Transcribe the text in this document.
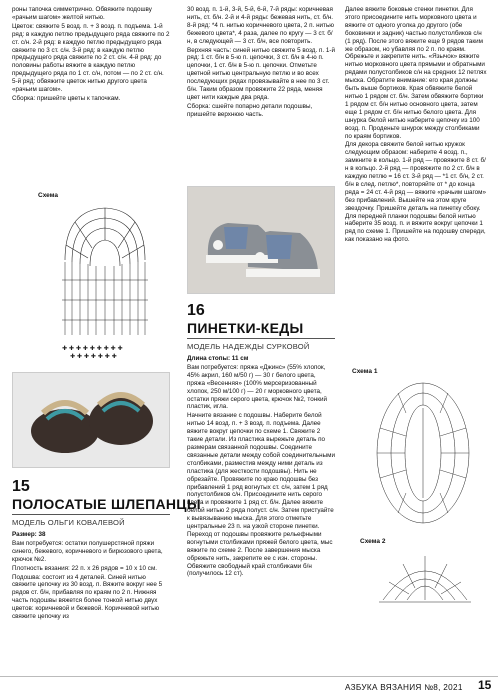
роны тапочка симметрично. Обвяжите подошву «рачьим шагом» желтой нитью.

Цветок: свяжите 5 возд. п. + 3 возд. п. подъема. 1-й ряд: в каждую петлю предыдущего ряда свяжите по 2 ст. с/н. 2-й ряд: в каждую петлю предыдущего ряда свяжите по 3 ст. с/н. 3-й ряд: в каждую петлю предыдущего ряда свяжите по 2 ст. с/н. 4-й ряд: до половины работы вяжите в каждую петлю предыдущего ряда по 1 ст. с/н, потом — по 2 ст. с/н. 5-й ряд: обвяжите цветок нитью другого цвета «рачьим шагом».

Сборка: пришейте цветы к тапочкам.

Схема
✚ ✚ ✚ ✚ ✚ ✚ ✚ ✚ ✚
✚ ✚ ✚ ✚ ✚ ✚ ✚
15
ПОЛОСАТЫЕ ШЛЕПАНЦЫ
МОДЕЛЬ ОЛЬГИ КОВАЛЕВОЙ

Размер: 38

Вам потребуется: остатки полушерстяной пряжи синего, бежевого, коричневого и бирюзового цвета, крючок №2.

Плотность вязания: 22 п. х 26 рядов = 10 х 10 см.

Подошва: состоит из 4 деталей. Синей нитью свяжите цепочку из 30 возд. п. Вяжите вокруг нее 5 рядов ст. б/н, прибавляя по краям по 2 п. Нижняя часть подошвы вяжется более тонкой нитью двух цветов: коричневой и бежевой. Коричневой нитью свяжите цепочку из

30 возд. п. 1-й, 3-й, 5-й, 6-й, 7-й ряды: коричневая нить, ст. б/н. 2-й и 4-й ряды: бежевая нить, ст. б/н. 8-й ряд: *4 п. нитью коричневого цвета, 2 п. нитью бежевого цвета*, 4 раза, далее по кругу — 3 ст. б/н, в следующей — 3 ст. б/н, все повторить.

Верхняя часть: синей нитью свяжите 5 возд. п. 1-й ряд: 1 ст. б/н в 5-ю п. цепочки, 3 ст. б/н в 4-ю п. цепочки, 1 ст. б/н в 5-ю п. цепочки. Отметьте цветной нитью центральную петлю и во всех последующих рядах провязывайте в нее по 3 ст. б/н. Таким образом провяжите 22 ряда, меняя цвет нити каждые два ряда.

Сборка: сшейте попарно детали подошвы, пришейте верхнюю часть.

16
ПИНЕТКИ-КЕДЫ
МОДЕЛЬ НАДЕЖДЫ СУРКОВОЙ

Длина стопы: 11 см

Вам потребуется: пряжа «Джинс» (55% хлопок, 45% акрил, 160 м/50 г) — 30 г белого цвета, пряжа «Весенняя» (100% мерсеризованный хлопок, 250 м/100 г) — 20 г морковного цвета, остатки пряжи серого цвета, крючок №2, тонкий пластик, игла.

Начните вязание с подошвы. Наберите белой нитью 14 возд. п. + 3 возд. п. подъема. Далее вяжите вокруг цепочки по схеме 1. Свяжите 2 такие детали. Из пластика вырежьте деталь по размерам связанной подошвы. Соедините связанные детали между собой соединительными столбиками, разместив между ними деталь из пластика (для жесткости подошвы). Нить не обрезайте. Провяжите по краю подошвы без прибавлений 1 ряд вогнутых ст. с/н, затем 1 ряд полустолбиков с/н. Присоедините нить серого цвета и провяжите 1 ряд ст. б/н. Далее вяжите белой нитью 2 ряда полуст. с/н. Затем пристуайте к вывязыванию мыска. Для этого отметьте центральные 23 п. на узкой стороне пинетки. Переход от подошвы провяжите рельефными вогнутыми столбиками пряжей белого цвета, мыс вяжите по схеме 2. После завершения мыска обрежьте нить, закрепите ее с изн. стороны. Обвяжите свободный край столбиками б/н (получилось 12 ст).

Далее вяжите боковые стенки пинетки. Для этого присоедините нить морковного цвета и вяжите от одного уголка до другого (обе боковинки и задник) частью полустолбиков с/н (1 ряд). После этого вяжите еще 9 рядов таким же образом, но убавляя по 2 п. по краям. Обрежьте и закрепите нить. «Язычок» вяжите нитью морковного цвета прямыми и обратными рядами полустолбиков с/н на средних 12 петлях мыска. Обратите внимание: его края должны быть выше бортиков. Края обвяжите белой нитью 1 рядом ст. б/н. Затем обвяжите бортики 1 рядом ст. б/н нитью основного цвета, затем еще 1 рядом ст. б/н нитью белого цвета. Для шнурка белой нитью наберите цепочку из 100 возд. п. Проденьте шнурок между столбиками по краям бортиков.

Для декора свяжите белой нитью кружок следующим образом: наберите 4 возд. п., замкните в кольцо. 1-й ряд — провяжите 8 ст. б/н в кольцо. 2-й ряд — провяжите по 2 ст. б/н в каждую петлю = 16 ст. 3-й ряд — *1 ст. б/н, 2 ст. б/н в след. петлю*, повторяйте от * до конца ряда = 24 ст. 4-й ряд — вяжите «рачьим шагом» без прибавлений. Вышейте на этом круге звездочку. Пришейте деталь на пинетку сбоку. Для передней планки подошвы белой нитью наберите 35 возд. п. и вяжите вокруг цепочки 1 ряд по схеме 1. Пришейте на подошву спереди, как показано на фото.

Схема 1
Схема 2
АЗБУКА ВЯЗАНИЯ №8, 2021 15
